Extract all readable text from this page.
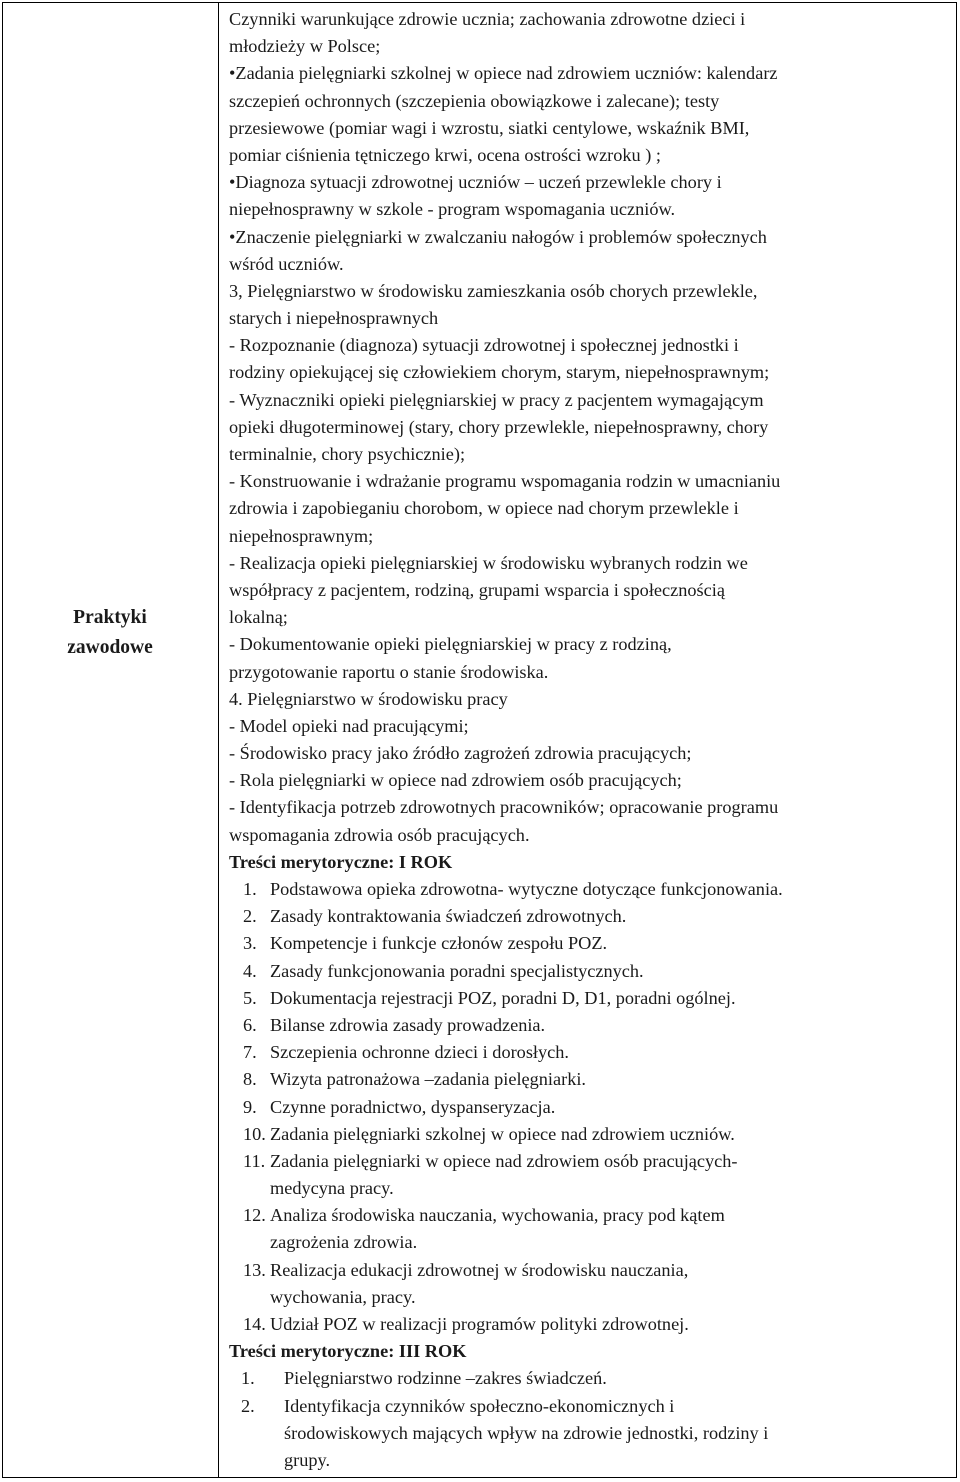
Praktyki
zawodowe
Czynniki warunkujące zdrowie ucznia; zachowania zdrowotne dzieci i
młodzieży w Polsce;
•Zadania pielęgniarki szkolnej w opiece nad zdrowiem uczniów: kalendarz
szczepień ochronnych (szczepienia obowiązkowe i zalecane); testy
przesiewowe (pomiar wagi i wzrostu, siatki centylowe, wskaźnik BMI,
pomiar ciśnienia tętniczego krwi, ocena ostrości wzroku ) ;
•Diagnoza sytuacji zdrowotnej uczniów – uczeń przewlekle chory i
niepełnosprawny w szkole - program wspomagania uczniów.
•Znaczenie pielęgniarki w zwalczaniu nałogów i problemów społecznych
wśród uczniów.
3, Pielęgniarstwo w środowisku zamieszkania osób chorych przewlekle,
starych i niepełnosprawnych
- Rozpoznanie (diagnoza) sytuacji zdrowotnej i społecznej jednostki i
rodziny opiekującej się człowiekiem chorym, starym, niepełnosprawnym;
- Wyznaczniki opieki pielęgniarskiej w pracy z pacjentem wymagającym
opieki długoterminowej (stary, chory przewlekle, niepełnosprawny, chory
terminalnie, chory psychicznie);
- Konstruowanie i wdrażanie programu wspomagania rodzin w umacnianiu
zdrowia i zapobieganiu chorobom, w opiece nad chorym przewlekle i
niepełnosprawnym;
- Realizacja opieki pielęgniarskiej w środowisku wybranych rodzin we
współpracy z pacjentem, rodziną, grupami wsparcia i społecznością
lokalną;
- Dokumentowanie opieki pielęgniarskiej w pracy z rodziną,
przygotowanie raportu o stanie środowiska.
4. Pielęgniarstwo w środowisku pracy
- Model opieki nad pracującymi;
- Środowisko pracy jako źródło zagrożeń zdrowia pracujących;
- Rola pielęgniarki w opiece nad zdrowiem osób pracujących;
- Identyfikacja potrzeb zdrowotnych pracowników; opracowanie programu
wspomagania zdrowia osób pracujących.
Treści merytoryczne: I ROK
1. Podstawowa opieka zdrowotna- wytyczne dotyczące funkcjonowania.
2. Zasady kontraktowania świadczeń zdrowotnych.
3. Kompetencje i funkcje członów zespołu POZ.
4. Zasady funkcjonowania poradni specjalistycznych.
5. Dokumentacja rejestracji POZ, poradni D, D1, poradni ogólnej.
6. Bilanse zdrowia zasady prowadzenia.
7. Szczepienia ochronne dzieci i dorosłych.
8. Wizyta patronażowa –zadania pielęgniarki.
9. Czynne poradnictwo, dyspanseryzacja.
10. Zadania pielęgniarki szkolnej w opiece nad zdrowiem uczniów.
11. Zadania pielęgniarki w opiece nad zdrowiem osób pracujących-
medycyna pracy.
12. Analiza środowiska nauczania, wychowania, pracy pod kątem
zagrożenia zdrowia.
13. Realizacja edukacji zdrowotnej w środowisku nauczania,
wychowania, pracy.
14. Udział POZ w realizacji programów polityki zdrowotnej.
Treści merytoryczne: III ROK
1. Pielęgniarstwo rodzinne –zakres świadczeń.
2. Identyfikacja czynników społeczno-ekonomicznych i
środowiskowych mających wpływ na zdrowie jednostki, rodziny i
grupy.
